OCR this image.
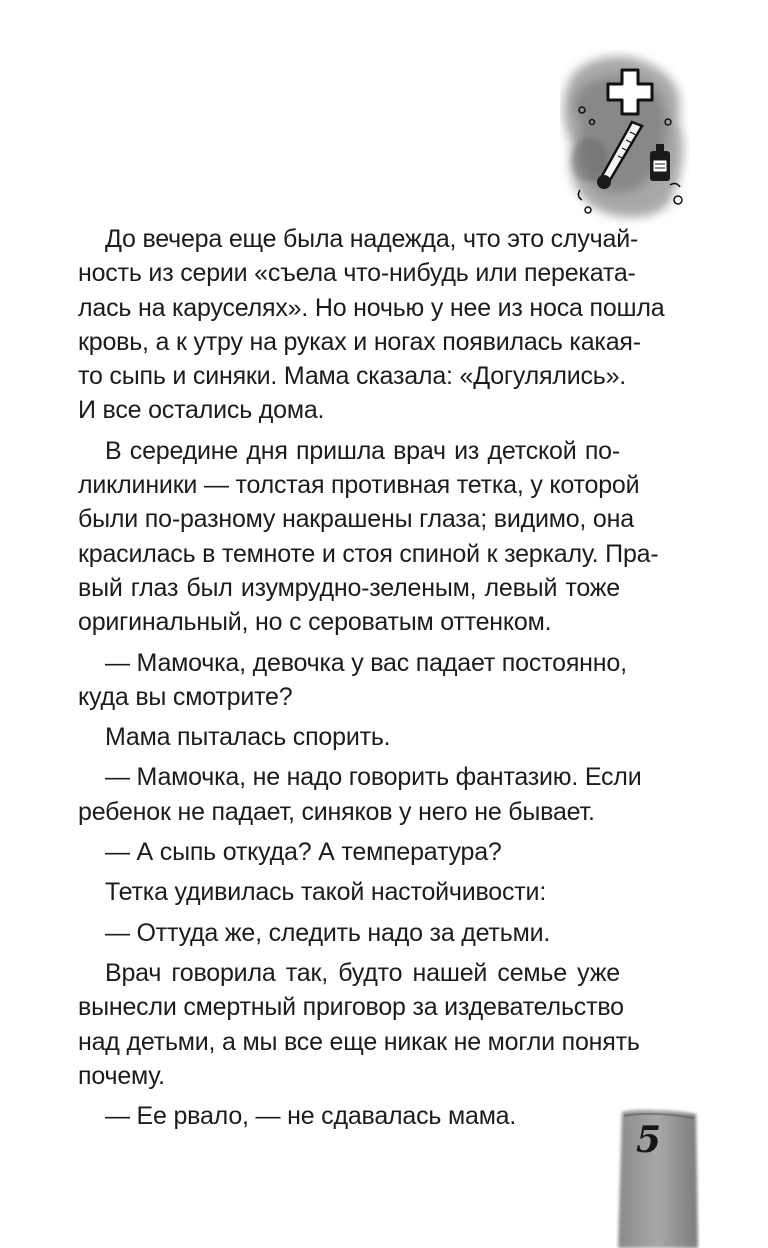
До вечера еще была надежда, что это случай-
ность из серии «съела что-нибудь или переката-
лась на каруселях». Но ночью у нее из носа пошла
кровь, а к утру на руках и ногах появилась какая-
то сыпь и синяки. Мама сказала: «Догулялись».
И все остались дома.
В середине дня пришла врач из детской по-
ликлиники — толстая противная тетка, у которой
были по-разному накрашены глаза; видимо, она
красилась в темноте и стоя спиной к зеркалу. Пра-
вый глаз был изумрудно-зеленым, левый тоже
оригинальный, но с сероватым оттенком.
— Мамочка, девочка у вас падает постоянно,
куда вы смотрите?
Мама пыталась спорить.
— Мамочка, не надо говорить фантазию. Если
ребенок не падает, синяков у него не бывает.
— А сыпь откуда? А температура?
Тетка удивилась такой настойчивости:
— Оттуда же, следить надо за детьми.
Врач говорила так, будто нашей семье уже
вынесли смертный приговор за издевательство
над детьми, а мы все еще никак не могли понять
почему.
— Ее рвало, — не сдавалась мама.
5
